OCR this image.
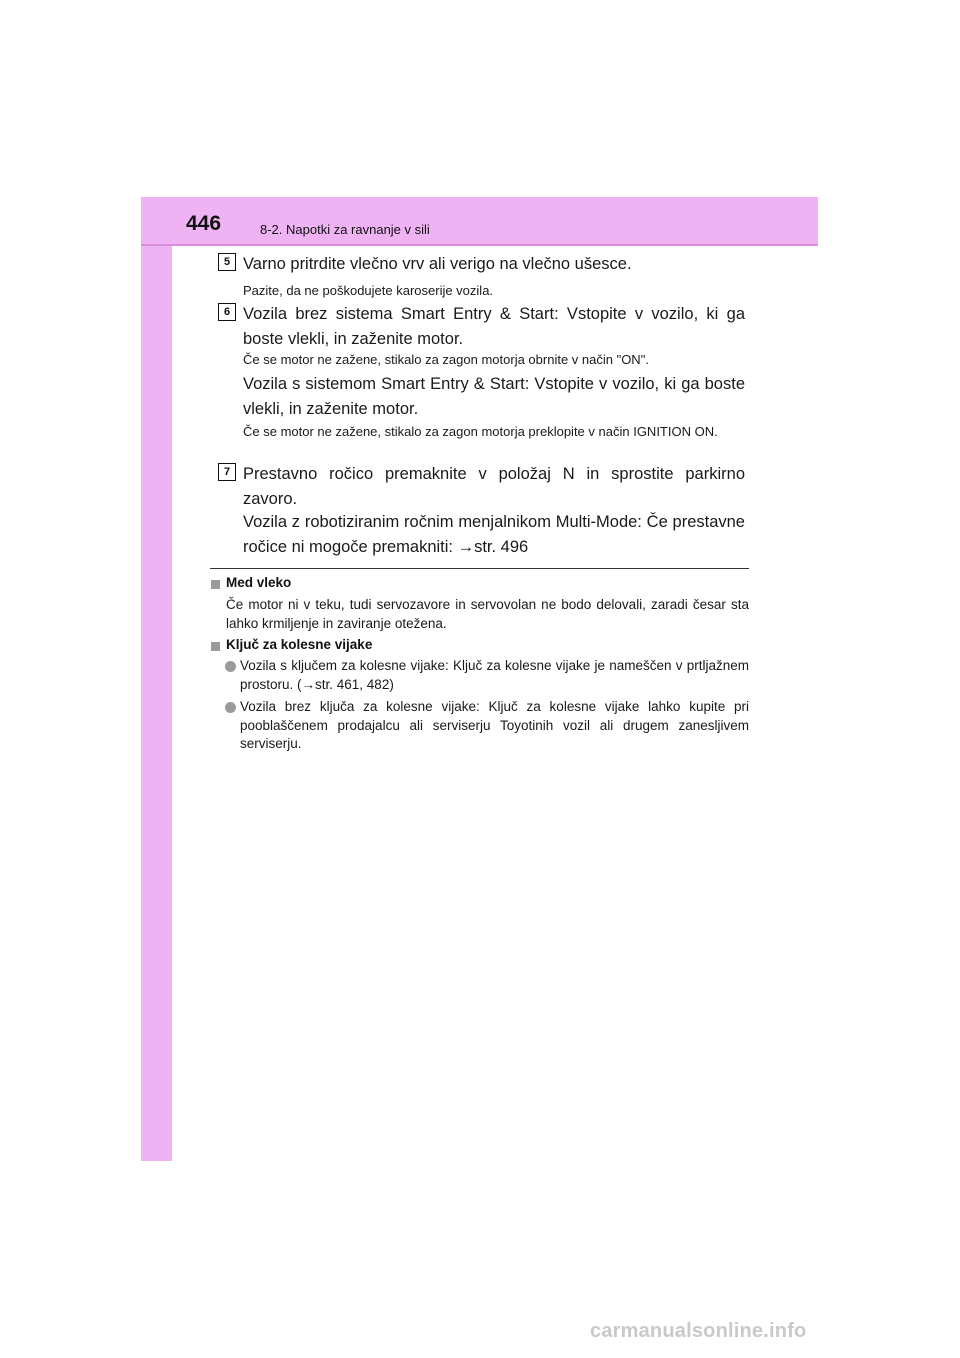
446	8-2. Napotki za ravnanje v sili
5 Varno pritrdite vlečno vrv ali verigo na vlečno ušesce.
Pazite, da ne poškodujete karoserije vozila.
6 Vozila brez sistema Smart Entry & Start: Vstopite v vozilo, ki ga boste vlekli, in zaženite motor.
Če se motor ne zažene, stikalo za zagon motorja obrnite v način "ON".
Vozila s sistemom Smart Entry & Start: Vstopite v vozilo, ki ga boste vlekli, in zaženite motor.
Če se motor ne zažene, stikalo za zagon motorja preklopite v način IGNITION ON.
7 Prestavno ročico premaknite v položaj N in sprostite parkirno zavoro.
Vozila z robotiziranim ročnim menjalnikom Multi-Mode: Če prestavne ročice ni mogoče premakniti: →str. 496
Med vleko
Če motor ni v teku, tudi servozavore in servovolan ne bodo delovali, zaradi česar sta lahko krmiljenje in zaviranje otežena.
Ključ za kolesne vijake
Vozila s ključem za kolesne vijake: Ključ za kolesne vijake je nameščen v prtljažnem prostoru. (→str. 461, 482)
Vozila brez ključa za kolesne vijake: Ključ za kolesne vijake lahko kupite pri pooblaščenem prodajalcu ali serviserju Toyotinih vozil ali drugem zanesljivem serviserju.
carmanualsonline.info
